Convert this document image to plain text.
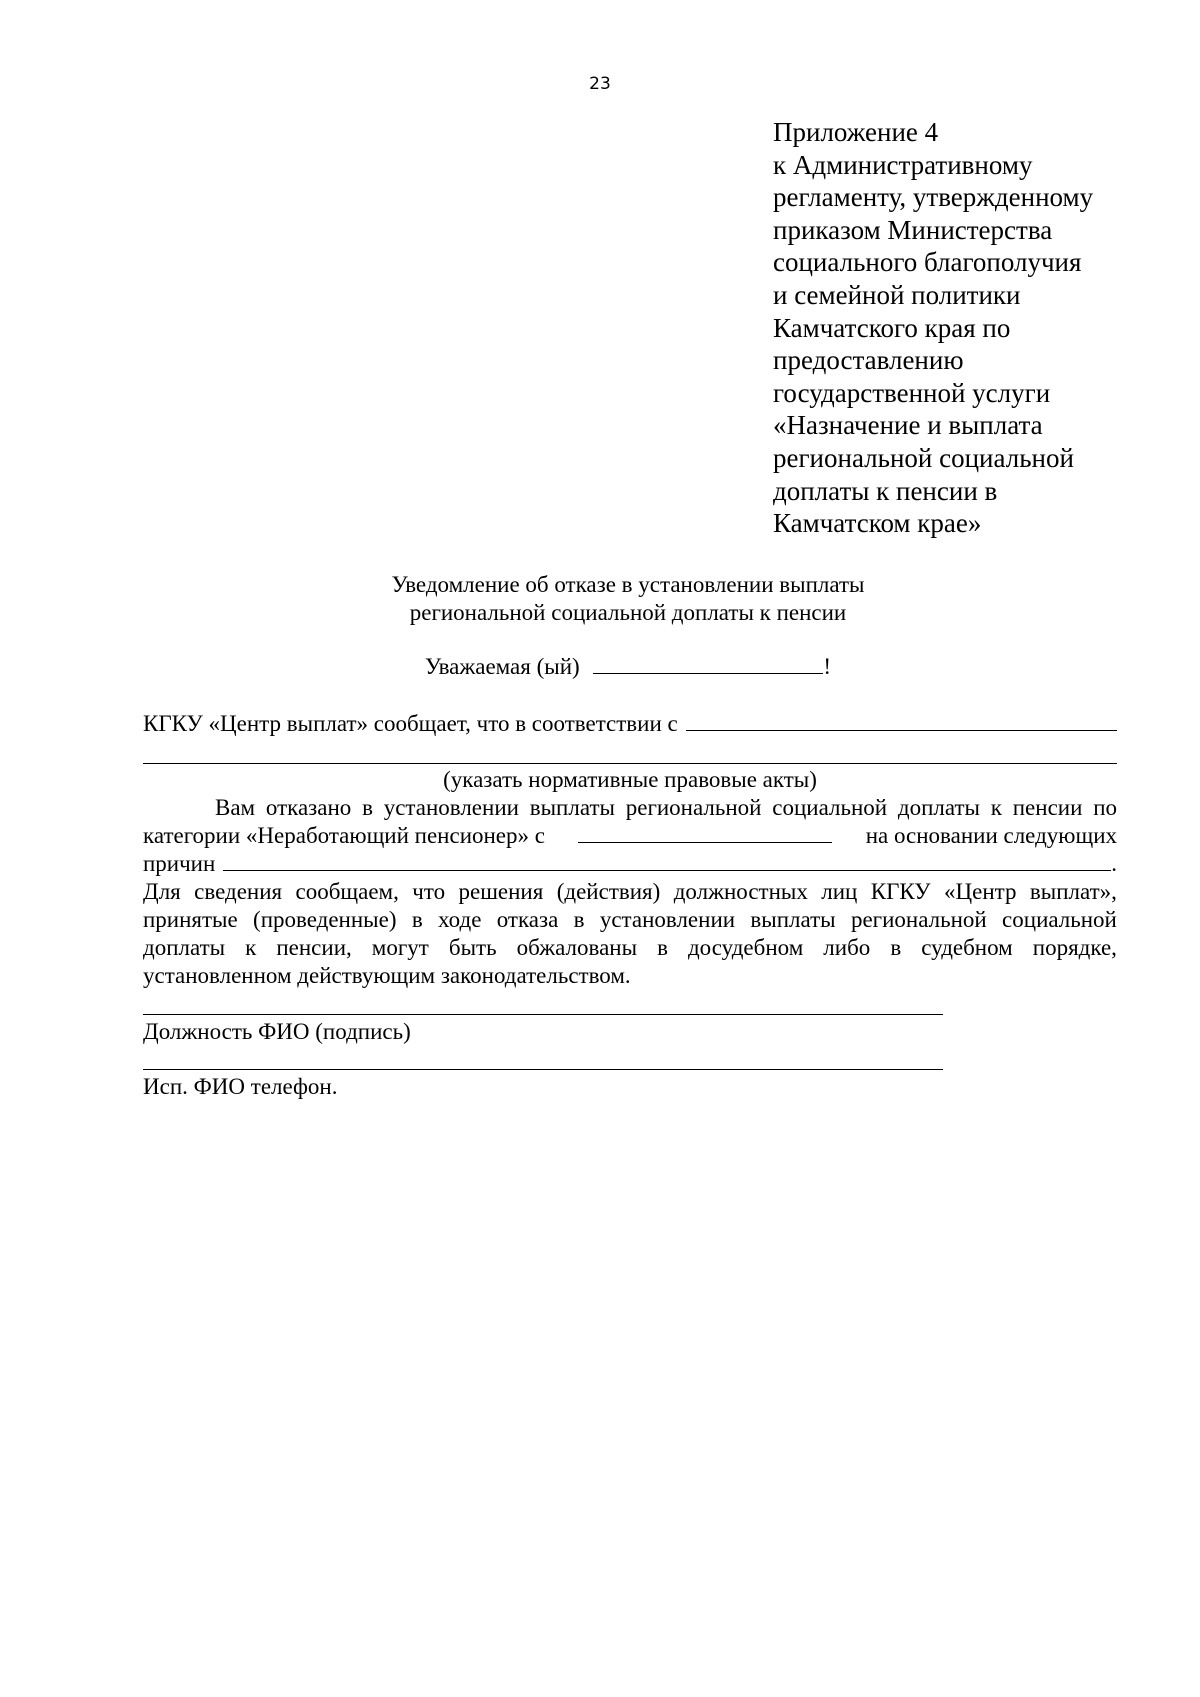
23
Приложение 4
к Административному
регламенту, утвержденному
приказом Министерства
социального благополучия
и семейной политики
Камчатского края по
предоставлению
государственной услуги
«Назначение и выплата
региональной социальной
доплаты к пенсии в
Камчатском крае»
Уведомление об отказе в установлении выплаты
региональной социальной доплаты к пенсии
Уважаемая (ый)	!
КГКУ «Центр выплат» сообщает, что в соответствии с
(указать нормативные правовые акты)
Вам отказано в установлении выплаты региональной социальной доплаты к пенсии по
категории «Неработающий пенсионер» с	на основании следующих
причин	.
Для сведения сообщаем, что решения (действия) должностных лиц КГКУ «Центр выплат»,
принятые (проведенные) в ходе отказа в установлении выплаты региональной социальной
доплаты к пенсии, могут быть обжалованы в досудебном либо в судебном порядке,
установленном действующим законодательством.
Должность ФИО (подпись)
Исп. ФИО телефон.
